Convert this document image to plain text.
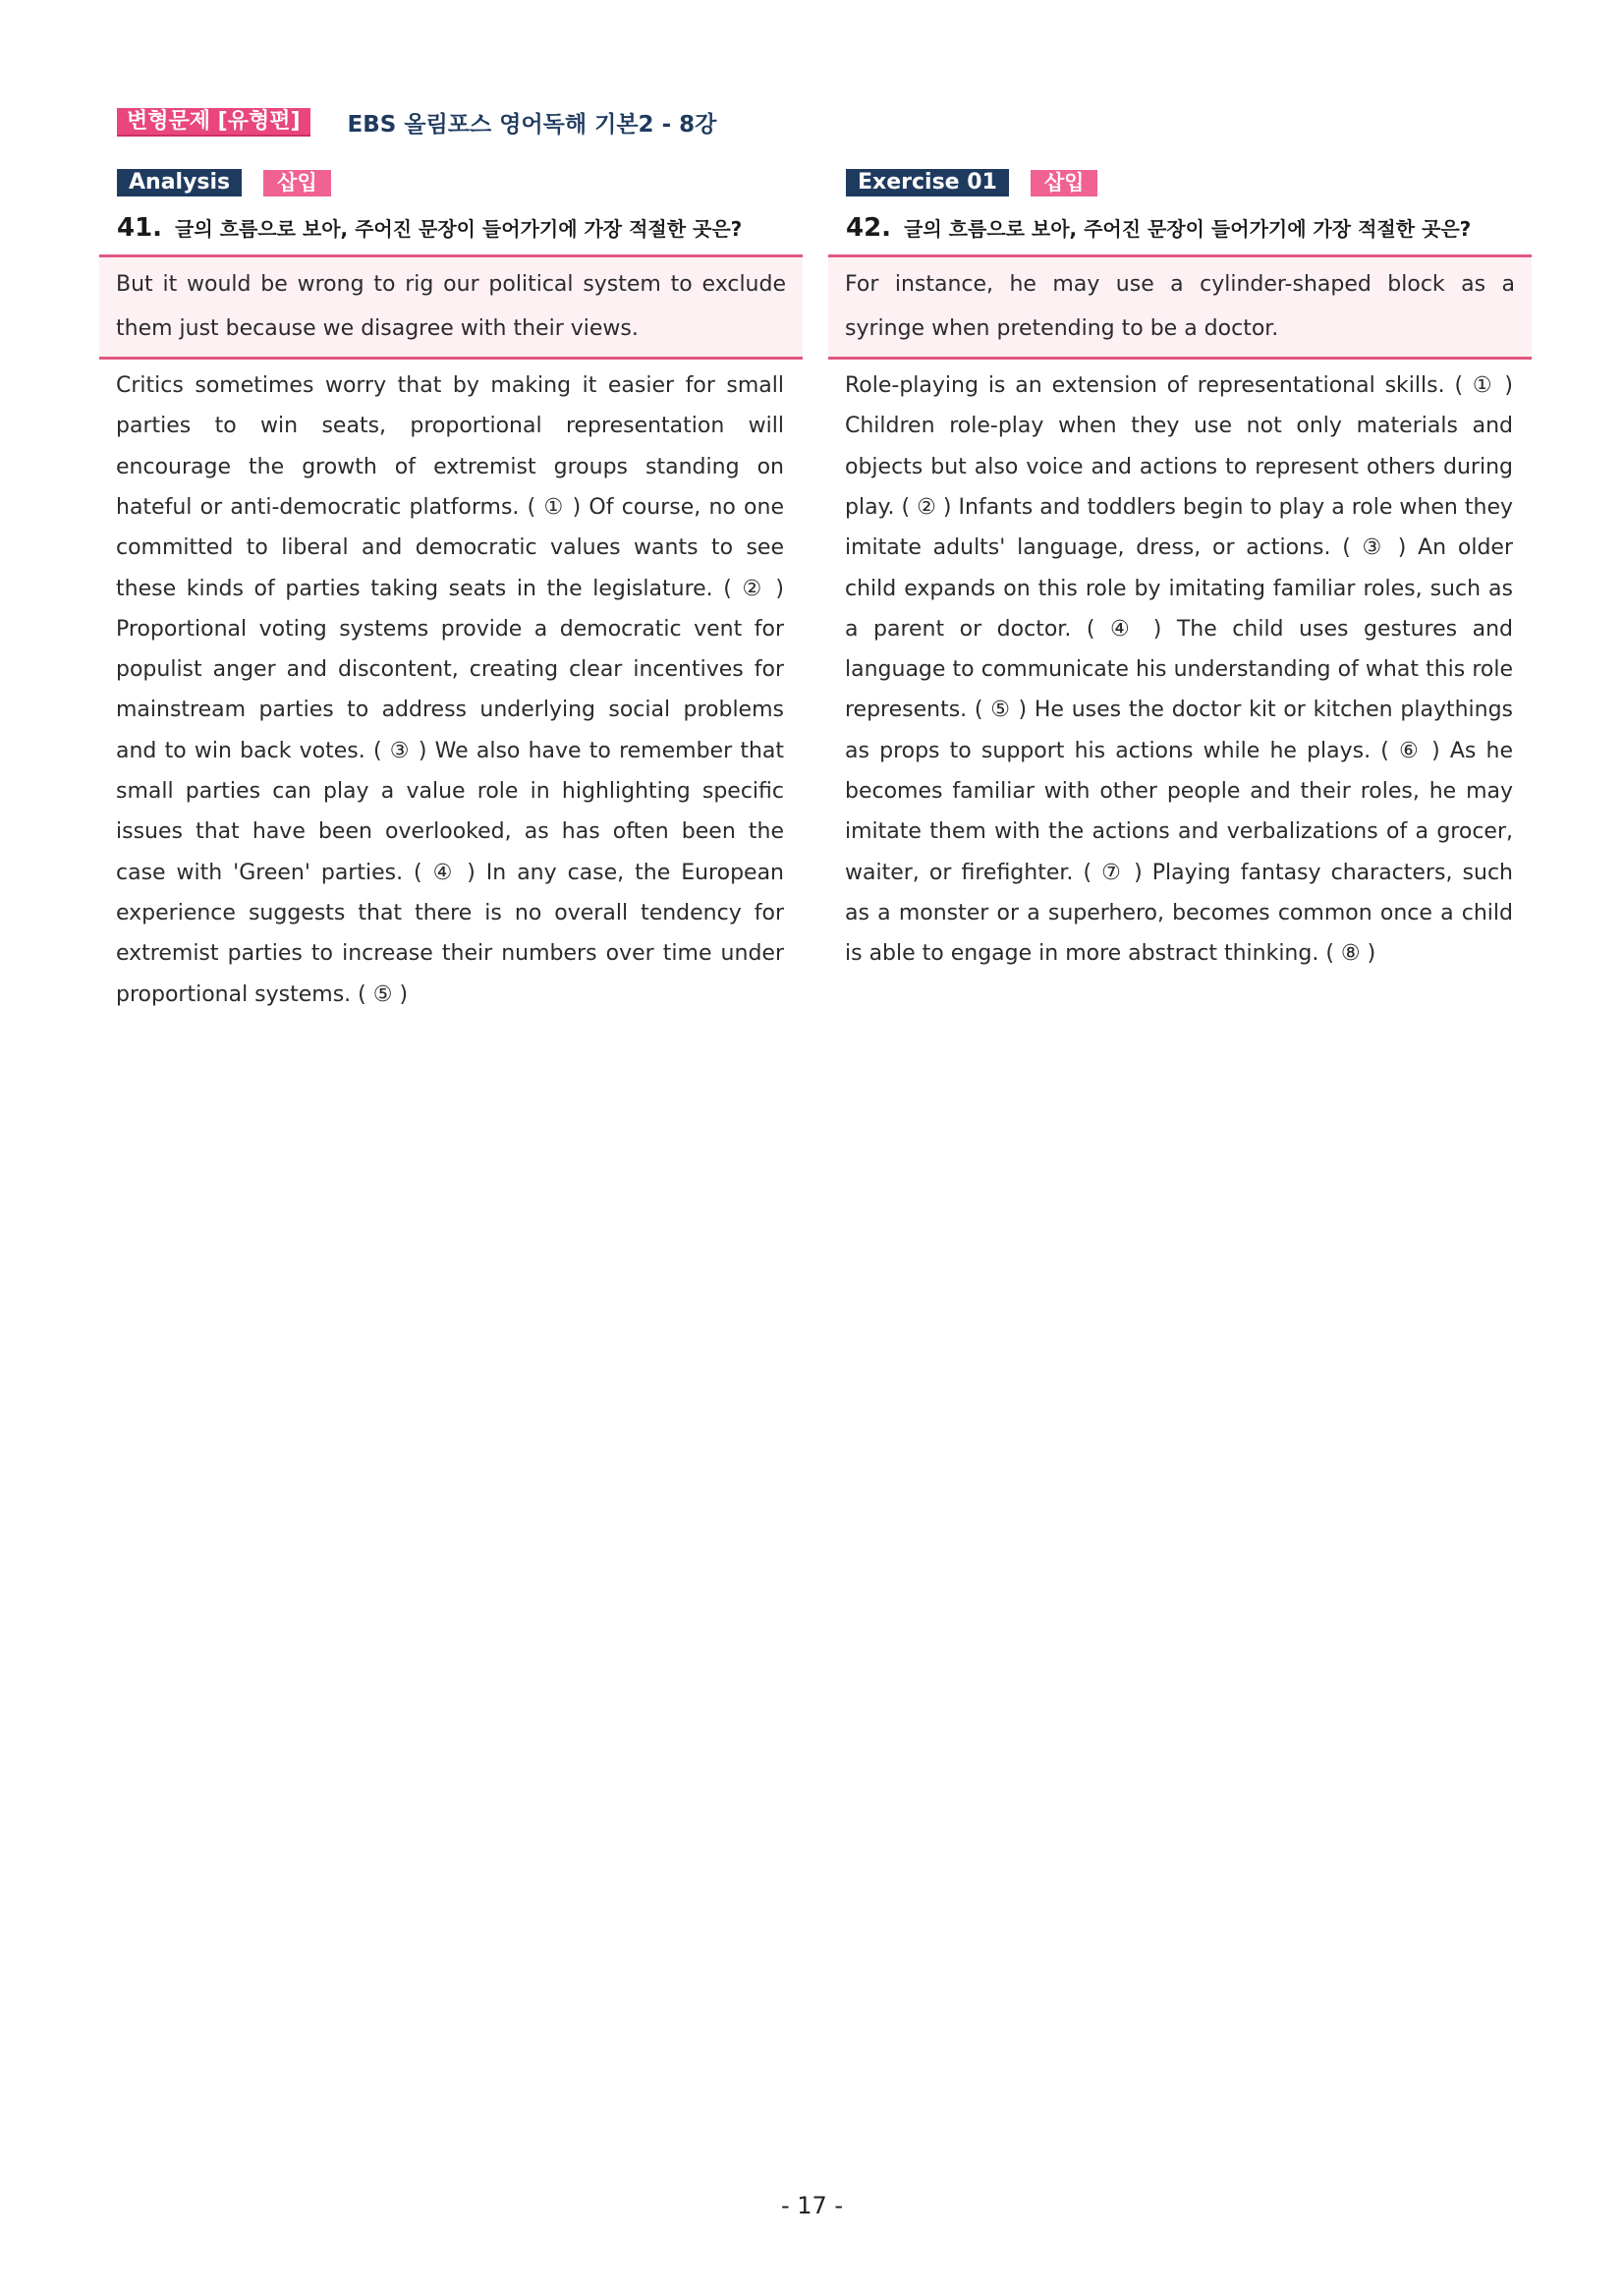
변형문제 [유형편]	EBS 올림포스 영어독해 기본2 - 8강
Analysis	삽입
41. 글의 흐름으로 보아, 주어진 문장이 들어가기에 가장 적절한 곳은?
But it would be wrong to rig our political system to exclude them just because we disagree with their views.
Critics sometimes worry that by making it easier for small parties to win seats, proportional representation will encourage the growth of extremist groups standing on hateful or anti-democratic platforms. ( ① ) Of course, no one committed to liberal and democratic values wants to see these kinds of parties taking seats in the legislature. ( ② ) Proportional voting systems provide a democratic vent for populist anger and discontent, creating clear incentives for mainstream parties to address underlying social problems and to win back votes. ( ③ ) We also have to remember that small parties can play a value role in highlighting specific issues that have been overlooked, as has often been the case with 'Green' parties. ( ④ ) In any case, the European experience suggests that there is no overall tendency for extremist parties to increase their numbers over time under proportional systems. ( ⑤ )
Exercise 01	삽입
42. 글의 흐름으로 보아, 주어진 문장이 들어가기에 가장 적절한 곳은?
For instance, he may use a cylinder-shaped block as a syringe when pretending to be a doctor.
Role-playing is an extension of representational skills. ( ① ) Children role-play when they use not only materials and objects but also voice and actions to represent others during play. ( ② ) Infants and toddlers begin to play a role when they imitate adults' language, dress, or actions. ( ③ ) An older child expands on this role by imitating familiar roles, such as a parent or doctor. ( ④ ) The child uses gestures and language to communicate his understanding of what this role represents. ( ⑤ ) He uses the doctor kit or kitchen playthings as props to support his actions while he plays. ( ⑥ ) As he becomes familiar with other people and their roles, he may imitate them with the actions and verbalizations of a grocer, waiter, or firefighter. ( ⑦ ) Playing fantasy characters, such as a monster or a superhero, becomes common once a child is able to engage in more abstract thinking. ( ⑧ )
- 17 -
